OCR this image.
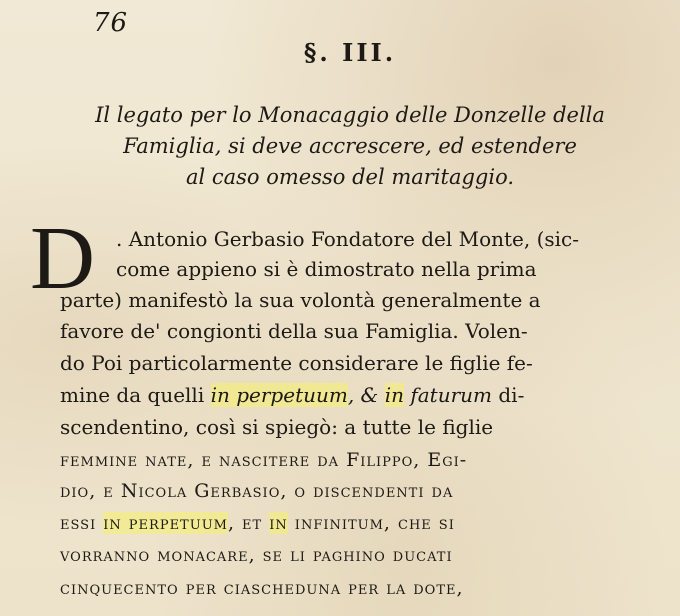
76
§. III.
Il legato per lo Monacaggio delle Donzelle della
Famiglia, si deve accrescere, ed estendere
al caso omesso del maritaggio.
D . Antonio Gerbasio Fondatore del Monte, (sic-
come appieno si è dimostrato nella prima
parte) manifestò la sua volontà generalmente a
favore de' congionti della sua Famiglia. Volen-
do Poi particolarmente considerare le figlie fe-
mine da quelli in perpetuum, & in faturum di-
scendentino, così si spiegò: a tutte le figlie
femmine nate, e nascitere da Filippo, Egi-
dio, e Nicola Gerbasio, o discendenti da
essi in perpetuum, et in infinitum, che si
vorranno monacare, se li paghino ducati
cinquecento per ciascheduna per la dote,
